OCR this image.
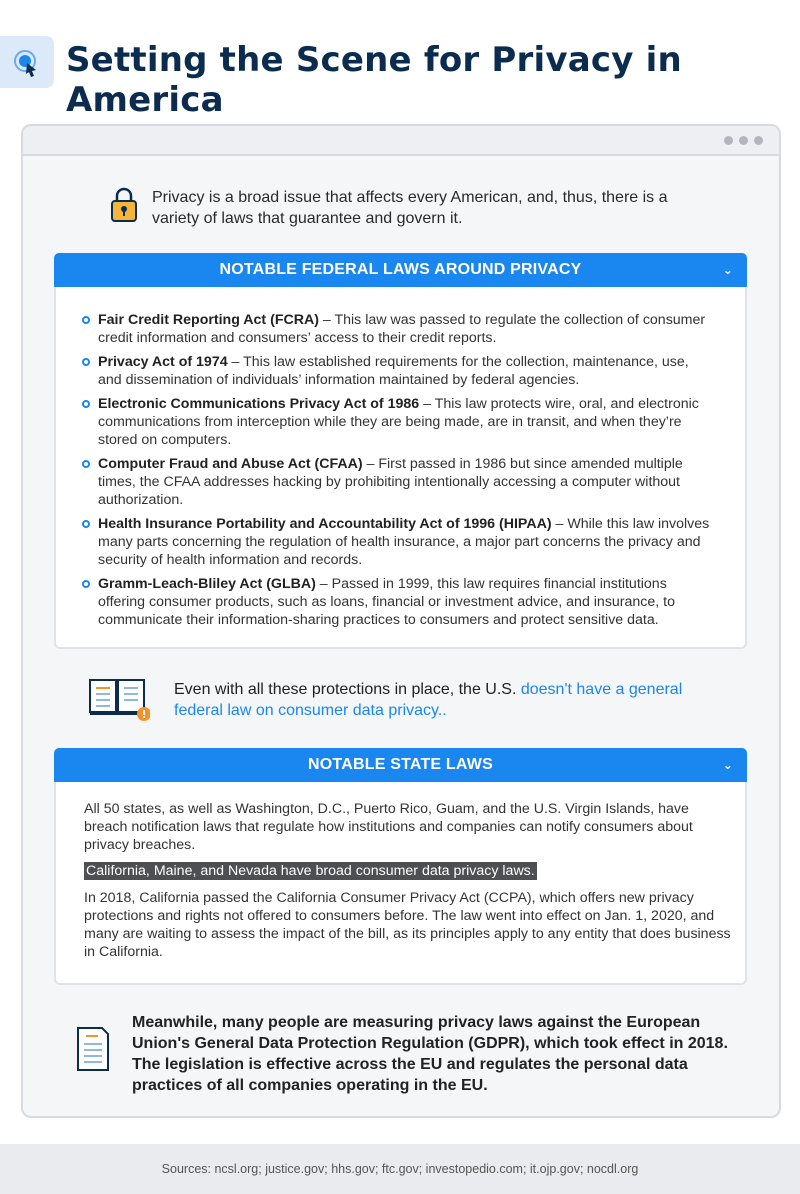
Setting the Scene for Privacy in America
Privacy is a broad issue that affects every American, and, thus, there is a variety of laws that guarantee and govern it.
NOTABLE FEDERAL LAWS AROUND PRIVACY	⌄
Fair Credit Reporting Act (FCRA) – This law was passed to regulate the collection of consumer credit information and consumers’ access to their credit reports.
Privacy Act of 1974 – This law established requirements for the collection, maintenance, use, and dissemination of individuals’ information maintained by federal agencies.
Electronic Communications Privacy Act of 1986 – This law protects wire, oral, and electronic communications from interception while they are being made, are in transit, and when they’re stored on computers.
Computer Fraud and Abuse Act (CFAA) – First passed in 1986 but since amended multiple times, the CFAA addresses hacking by prohibiting intentionally accessing a computer without authorization.
Health Insurance Portability and Accountability Act of 1996 (HIPAA) – While this law involves many parts concerning the regulation of health insurance, a major part concerns the privacy and security of health information and records.
Gramm-Leach-Bliley Act (GLBA) – Passed in 1999, this law requires financial institutions offering consumer products, such as loans, financial or investment advice, and insurance, to communicate their information-sharing practices to consumers and protect sensitive data.
Even with all these protections in place, the U.S. doesn't have a general federal law on consumer data privacy..
NOTABLE STATE LAWS	⌄

All 50 states, as well as Washington, D.C., Puerto Rico, Guam, and the U.S. Virgin Islands, have breach notification laws that regulate how institutions and companies can notify consumers about privacy breaches.

California, Maine, and Nevada have broad consumer data privacy laws.

In 2018, California passed the California Consumer Privacy Act (CCPA), which offers new privacy protections and rights not offered to consumers before. The law went into effect on Jan. 1, 2020, and many are waiting to assess the impact of the bill, as its principles apply to any entity that does business in California.

Meanwhile, many people are measuring privacy laws against the European Union's General Data Protection Regulation (GDPR), which took effect in 2018. The legislation is effective across the EU and regulates the personal data practices of all companies operating in the EU.
Sources: ncsl.org; justice.gov; hhs.gov; ftc.gov; investopedio.com; it.ojp.gov; nocdl.org
